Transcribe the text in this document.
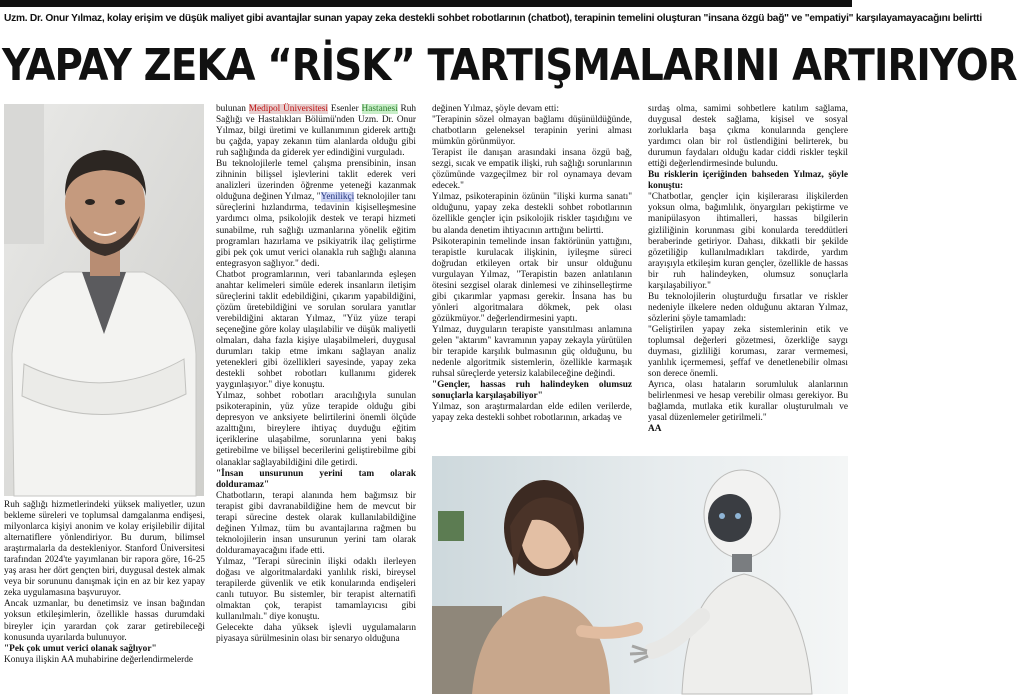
Uzm. Dr. Onur Yılmaz, kolay erişim ve düşük maliyet gibi avantajlar sunan yapay zeka destekli sohbet robotlarının (chatbot), terapinin temelini oluşturan "insana özgü bağ" ve "empatiyi" karşılayamayacağını belirtti
YAPAY ZEKA “RİSK” TARTIŞMALARINI ARTIRIYOR

Ruh sağlığı hizmetlerindeki yüksek maliyetler, uzun bekleme süreleri ve toplumsal damgalanma endişesi, milyonlarca kişiyi anonim ve kolay erişilebilir dijital alternatiflere yönlendiriyor. Bu durum, bilimsel araştırmalarla da destekleniyor. Stanford Üniversitesi tarafından 2024'te yayımlanan bir rapora göre, 16-25 yaş arası her dört gençten biri, duygusal destek almak veya bir sorununu danışmak için en az bir kez yapay zeka uygulamasına başvuruyor.

Ancak uzmanlar, bu denetimsiz ve insan bağından yoksun etkileşimlerin, özellikle hassas durumdaki bireyler için yarardan çok zarar getirebileceği konusunda uyarılarda bulunuyor.

"Pek çok umut verici olanak sağlıyor"

Konuya ilişkin AA muhabirine değerlendirmelerde

bulunan Medipol Üniversitesi Esenler Hastanesi Ruh Sağlığı ve Hastalıkları Bölümü'nden Uzm. Dr. Onur Yılmaz, bilgi üretimi ve kullanımının giderek arttığı bu çağda, yapay zekanın tüm alanlarda olduğu gibi ruh sağlığında da giderek yer edindiğini vurguladı.

Bu teknolojilerle temel çalışma prensibinin, insan zihninin bilişsel işlevlerini taklit ederek veri analizleri üzerinden öğrenme yeteneği kazanmak olduğuna değinen Yılmaz, "Yenilikçi teknolojiler tanı süreçlerini hızlandırma, tedavinin kişiselleşmesine yardımcı olma, psikolojik destek ve terapi hizmeti sunabilme, ruh sağlığı uzmanlarına yönelik eğitim programları hazırlama ve psikiyatrik ilaç geliştirme gibi pek çok umut verici olanakla ruh sağlığı alanına entegrasyon sağlıyor." dedi.

Chatbot programlarının, veri tabanlarında eşleşen anahtar kelimeleri simüle ederek insanların iletişim süreçlerini taklit edebildiğini, çıkarım yapabildiğini, çözüm üretebildiğini ve sorulan sorulara yanıtlar verebildiğini aktaran Yılmaz, "Yüz yüze terapi seçeneğine göre kolay ulaşılabilir ve düşük maliyetli olmaları, daha fazla kişiye ulaşabilmeleri, duygusal durumları takip etme imkanı sağlayan analiz yetenekleri gibi özellikleri sayesinde, yapay zeka destekli sohbet robotları kullanımı giderek yaygınlaşıyor." diye konuştu.

Yılmaz, sohbet robotları aracılığıyla sunulan psikoterapinin, yüz yüze terapide olduğu gibi depresyon ve anksiyete belirtilerini önemli ölçüde azalttığını, bireylere ihtiyaç duyduğu eğitim içeriklerine ulaşabilme, sorunlarına yeni bakış getirebilme ve bilişsel becerilerini geliştirebilme gibi olanaklar sağlayabildiğini dile getirdi.

"İnsan unsurunun yerini tam olarak dolduramaz"

Chatbotların, terapi alanında hem bağımsız bir terapist gibi davranabildiğine hem de mevcut bir terapi sürecine destek olarak kullanılabildiğine değinen Yılmaz, tüm bu avantajlarına rağmen bu teknolojilerin insan unsurunun yerini tam olarak dolduramayacağını ifade etti.

Yılmaz, "Terapi sürecinin ilişki odaklı ilerleyen doğası ve algoritmalardaki yanlılık riski, bireysel terapilerde güvenlik ve etik konularında endişeleri canlı tutuyor. Bu sistemler, bir terapist alternatifi olmaktan çok, terapist tamamlayıcısı gibi kullanılmalı." diye konuştu.

Gelecekte daha yüksek işlevli uygulamaların piyasaya sürülmesinin olası bir senaryo olduğuna

değinen Yılmaz, şöyle devam etti:

"Terapinin sözel olmayan bağlamı düşünüldüğünde, chatbotların geleneksel terapinin yerini alması mümkün görünmüyor.

Terapist ile danışan arasındaki insana özgü bağ, sezgi, sıcak ve empatik ilişki, ruh sağlığı sorunlarının çözümünde vazgeçilmez bir rol oynamaya devam edecek."

Yılmaz, psikoterapinin özünün "ilişki kurma sanatı" olduğunu, yapay zeka destekli sohbet robotlarının özellikle gençler için psikolojik riskler taşıdığını ve bu alanda denetim ihtiyacının arttığını belirtti.

Psikoterapinin temelinde insan faktörünün yattığını, terapistle kurulacak ilişkinin, iyileşme süreci doğrudan etkileyen ortak bir unsur olduğunu vurgulayan Yılmaz, "Terapistin bazen anlatılanın ötesini sezgisel olarak dinlemesi ve zihinselleştirme gibi çıkarımlar yapması gerekir. İnsana has bu yönleri algoritmalara dökmek, pek olası gözükmüyor." değerlendirmesini yaptı.

Yılmaz, duyguların terapiste yansıtılması anlamına gelen "aktarım" kavramının yapay zekayla yürütülen bir terapide karşılık bulmasının güç olduğunu, bu nedenle algoritmik sistemlerin, özellikle karmaşık ruhsal süreçlerde yetersiz kalabileceğine değindi.

"Gençler, hassas ruh halindeyken olumsuz sonuçlarla karşılaşabiliyor"

Yılmaz, son araştırmalardan elde edilen verilerde, yapay zeka destekli sohbet robotlarının, arkadaş ve

sırdaş olma, samimi sohbetlere katılım sağlama, duygusal destek sağlama, kişisel ve sosyal zorluklarla başa çıkma konularında gençlere yardımcı olan bir rol üstlendiğini belirterek, bu durumun faydaları olduğu kadar ciddi riskler teşkil ettiği değerlendirmesinde bulundu.

Bu risklerin içeriğinden bahseden Yılmaz, şöyle konuştu:

"Chatbotlar, gençler için kişilerarası ilişkilerden yoksun olma, bağımlılık, önyargıları pekiştirme ve manipülasyon ihtimalleri, hassas bilgilerin gizliliğinin korunması gibi konularda tereddütleri beraberinde getiriyor. Dahası, dikkatli bir şekilde gözetiliğip kullanılmadıkları takdirde, yardım arayışıyla etkileşim kuran gençler, özellikle de hassas bir ruh halindeyken, olumsuz sonuçlarla karşılaşabiliyor."

Bu teknolojilerin oluşturduğu fırsatlar ve riskler nedeniyle ilkelere neden olduğunu aktaran Yılmaz, sözlerini şöyle tamamladı:

"Geliştirilen yapay zeka sistemlerinin etik ve toplumsal değerleri gözetmesi, özerkliğe saygı duyması, gizliliği koruması, zarar vermemesi, yanlılık içermemesi, şeffaf ve denetlenebilir olması son derece önemli.

Ayrıca, olası hataların sorumluluk alanlarının belirlenmesi ve hesap verebilir olması gerekiyor. Bu bağlamda, mutlaka etik kurallar oluşturulmalı ve yasal düzenlemeler getirilmeli."

AA
